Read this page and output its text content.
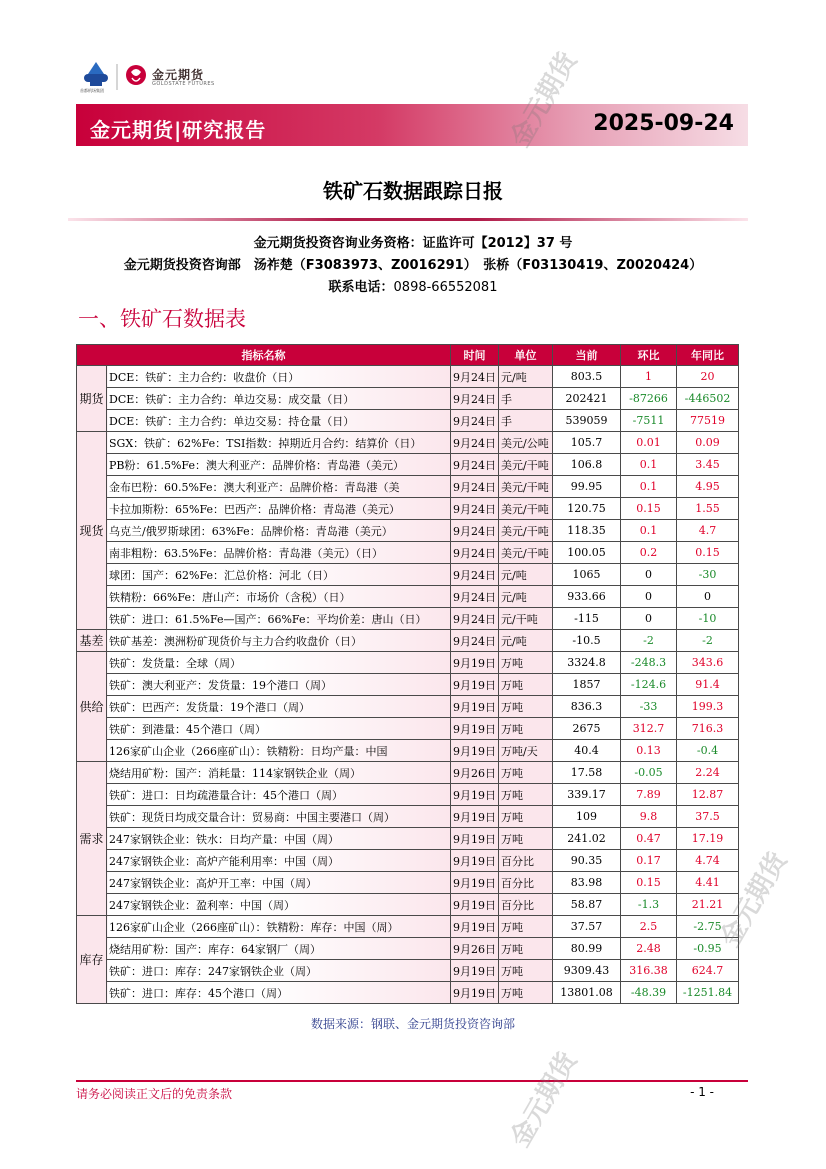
首都机场集团
金元期货
GOLDSTATE FUTURES
金元期货|研究报告	2025-09-24
铁矿石数据跟踪日报
金元期货投资咨询业务资格：证监许可【2012】37 号
金元期货投资咨询部　汤祚楚（F3083973、Z0016291）　张桥（F03130419、Z0020424）
联系电话：0898-66552081
一、铁矿石数据表
指标名称		时间	单位	当前	环比	年同比
期货	DCE：铁矿：主力合约：收盘价（日）	9月24日	元/吨	803.5	1	20
	DCE：铁矿：主力合约：单边交易：成交量（日）	9月24日	手	202421	-87266	-446502
	DCE：铁矿：主力合约：单边交易：持仓量（日）	9月24日	手	539059	-7511	77519
现货	SGX：铁矿：62%Fe：TSI指数：掉期近月合约：结算价（日）	9月24日	美元/公吨	105.7	0.01	0.09
	PB粉：61.5%Fe：澳大利亚产：品牌价格：青岛港（美元）	9月24日	美元/干吨	106.8	0.1	3.45
	金布巴粉：60.5%Fe：澳大利亚产：品牌价格：青岛港（美	9月24日	美元/干吨	99.95	0.1	4.95
	卡拉加斯粉：65%Fe：巴西产：品牌价格：青岛港（美元）	9月24日	美元/干吨	120.75	0.15	1.55
	乌克兰/俄罗斯球团：63%Fe：品牌价格：青岛港（美元）	9月24日	美元/干吨	118.35	0.1	4.7
	南非粗粉：63.5%Fe：品牌价格：青岛港（美元）（日）	9月24日	美元/干吨	100.05	0.2	0.15
	球团：国产：62%Fe：汇总价格：河北（日）	9月24日	元/吨	1065	0	-30
	铁精粉：66%Fe：唐山产：市场价（含税）（日）	9月24日	元/吨	933.66	0	0
	铁矿：进口：61.5%Fe—国产：66%Fe：平均价差：唐山（日）	9月24日	元/干吨	-115	0	-10
基差	铁矿基差：澳洲粉矿现货价与主力合约收盘价（日）	9月24日	元/吨	-10.5	-2	-2
供给	铁矿：发货量：全球（周）	9月19日	万吨	3324.8	-248.3	343.6
	铁矿：澳大利亚产：发货量：19个港口（周）	9月19日	万吨	1857	-124.6	91.4
	铁矿：巴西产：发货量：19个港口（周）	9月19日	万吨	836.3	-33	199.3
	铁矿：到港量：45个港口（周）	9月19日	万吨	2675	312.7	716.3
	126家矿山企业（266座矿山）：铁精粉：日均产量：中国	9月19日	万吨/天	40.4	0.13	-0.4
需求	烧结用矿粉：国产：消耗量：114家钢铁企业（周）	9月26日	万吨	17.58	-0.05	2.24
	铁矿：进口：日均疏港量合计：45个港口（周）	9月19日	万吨	339.17	7.89	12.87
	铁矿：现货日均成交量合计：贸易商：中国主要港口（周）	9月19日	万吨	109	9.8	37.5
	247家钢铁企业：铁水：日均产量：中国（周）	9月19日	万吨	241.02	0.47	17.19
	247家钢铁企业：高炉产能利用率：中国（周）	9月19日	百分比	90.35	0.17	4.74
	247家钢铁企业：高炉开工率：中国（周）	9月19日	百分比	83.98	0.15	4.41
	247家钢铁企业：盈利率：中国（周）	9月19日	百分比	58.87	-1.3	21.21
库存	126家矿山企业（266座矿山）：铁精粉：库存：中国（周）	9月19日	万吨	37.57	2.5	-2.75
	烧结用矿粉：国产：库存：64家钢厂（周）	9月26日	万吨	80.99	2.48	-0.95
	铁矿：进口：库存：247家钢铁企业（周）	9月19日	万吨	9309.43	316.38	624.7
	铁矿：进口：库存：45个港口（周）	9月19日	万吨	13801.08	-48.39	-1251.84
数据来源：钢联、金元期货投资咨询部
请务必阅读正文后的免责条款	- 1 -
金元期货
金元期货
金元期货
